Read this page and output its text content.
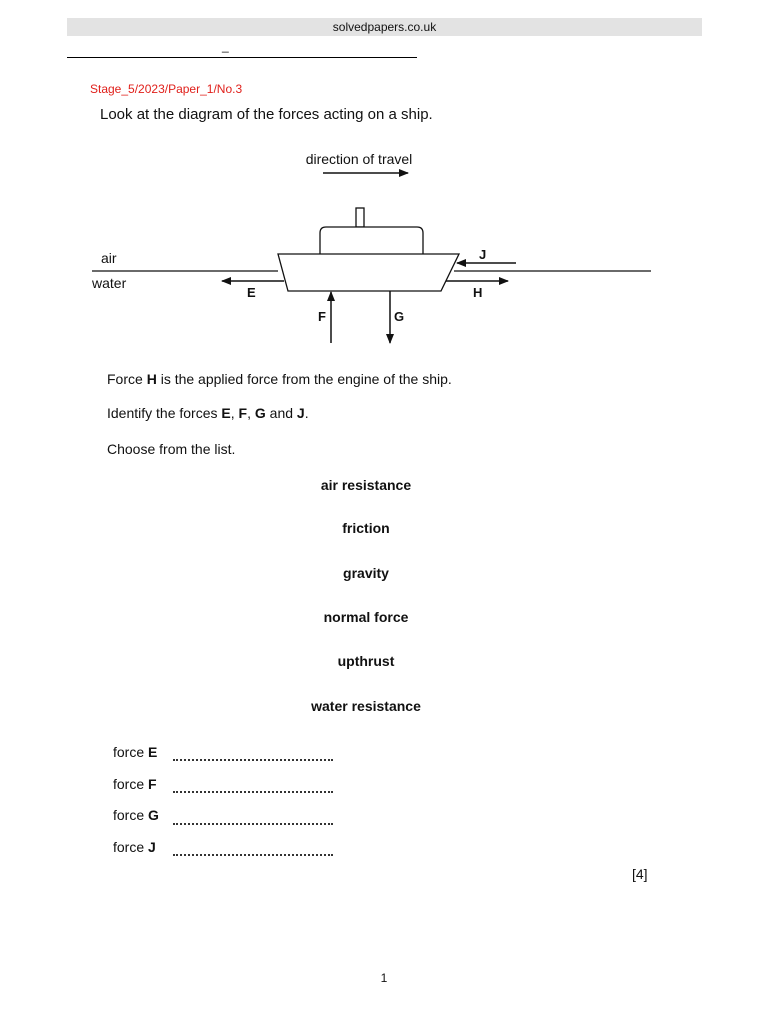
solvedpapers.co.uk
_
Stage_5/2023/Paper_1/No.3
Look at the diagram of the forces acting on a ship.
direction of travel
air
water
E	H
J
F	G
Force H is the applied force from the engine of the ship.
Identify the forces E, F, G and J.
Choose from the list.
air resistance
friction
gravity
normal force
upthrust
water resistance
force E
force F
force G
force J
[4]
1
